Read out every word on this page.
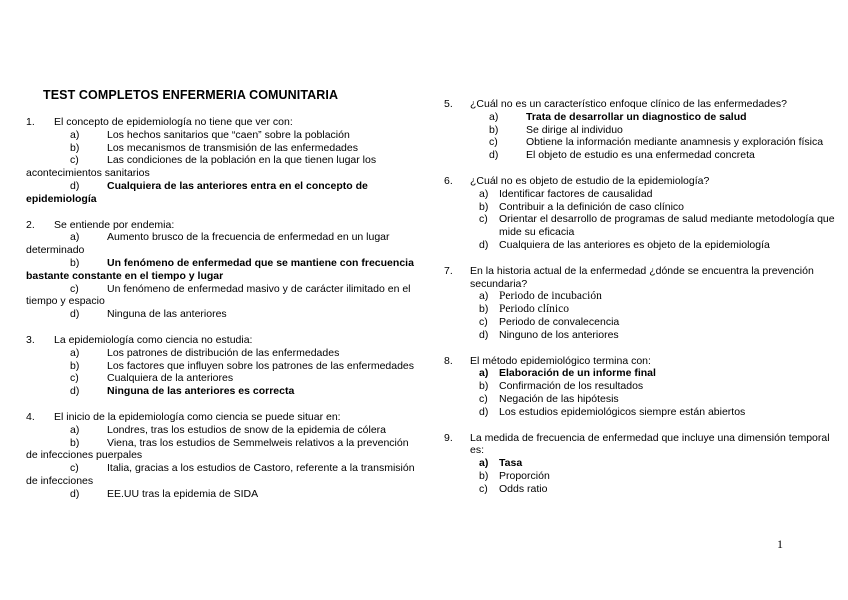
TEST COMPLETOS ENFERMERIA COMUNITARIA
1. El concepto de epidemiología no tiene que ver con:
a)	Los hechos sanitarios que “caen” sobre la población
b)	Los mecanismos de transmisión de las enfermedades
c)	Las condiciones de la población en la que tienen lugar los acontecimientos sanitarios
d)	Cualquiera de las anteriores entra en el concepto de epidemiología
2. Se entiende por endemia:
a)	Aumento brusco de la frecuencia de enfermedad en un lugar determinado
b)	Un fenómeno de enfermedad que se mantiene con frecuencia bastante constante en el tiempo y lugar
c)	Un fenómeno de enfermedad masivo y de carácter ilimitado en el tiempo y espacio
d)	Ninguna de las anteriores
3. La epidemiología como ciencia no estudia:
a)	Los patrones de distribución de las enfermedades
b)	Los factores que influyen sobre los patrones de las enfermedades
c)	Cualquiera de la anteriores
d)	Ninguna de las anteriores es correcta
4. El inicio de la epidemiología como ciencia se puede situar en:
a)	Londres, tras los estudios de snow de la epidemia de cólera
b)	Viena, tras los estudios de Semmelweis relativos a la prevención de infecciones puerpales
c)	Italia, gracias a los estudios de Castoro, referente a la transmisión de infecciones
d)	EE.UU tras la epidemia de SIDA
5. ¿Cuál no es un característico enfoque clínico de las enfermedades?
a)	Trata de desarrollar un diagnostico de salud
b)	Se dirige al individuo
c)	Obtiene la información mediante anamnesis y exploración física
d)	El objeto de estudio es una enfermedad concreta
6. ¿Cuál no es objeto de estudio de la epidemiología?
a) Identificar factores de causalidad
b) Contribuir a la definición de caso clínico
c) Orientar el desarrollo de programas de salud mediante metodología que mide su eficacia
d) Cualquiera de las anteriores es objeto de la epidemiología
7. En la historia actual de la enfermedad ¿dónde se encuentra la prevención secundaria?
a) Periodo de incubación
b) Periodo clínico
c) Periodo de convalecencia
d) Ninguno de los anteriores
8. El método epidemiológico termina con:
a) Elaboración de un informe final
b) Confirmación de los resultados
c) Negación de las hipótesis
d) Los estudios epidemiológicos siempre están abiertos
9. La medida de frecuencia de enfermedad que incluye una dimensión temporal es:
a) Tasa
b) Proporción
c) Odds ratio
1
